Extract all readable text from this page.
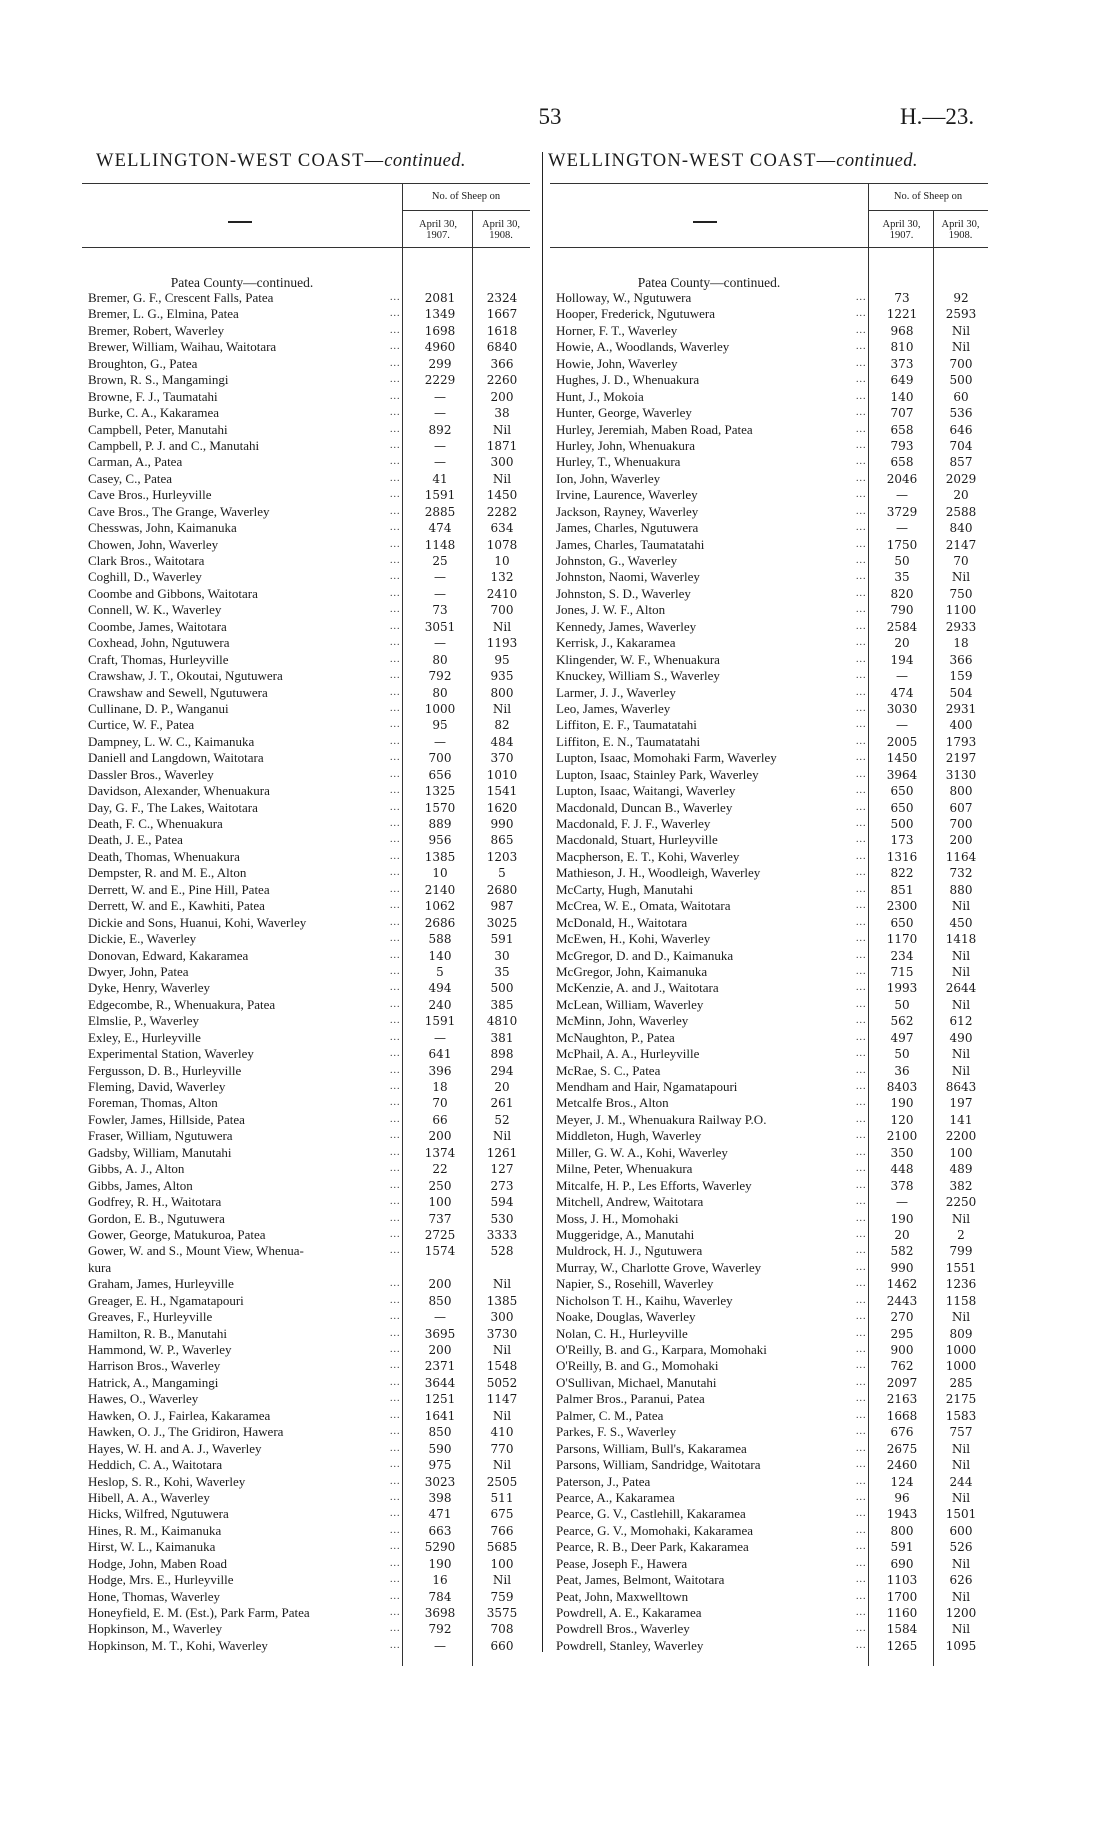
53	H.—23.
WELLINGTON-WEST COAST—continued.	WELLINGTON-WEST COAST—continued.
No. of Sheep on
April 30,
1907.
April 30,
1908.
Patea County—continued.
Bremer, G. F., Crescent Falls, Patea	...	2081	2324
Bremer, L. G., Elmina, Patea	...	1349	1667
Bremer, Robert, Waverley	...	1698	1618
Brewer, William, Waihau, Waitotara	...	4960	6840
Broughton, G., Patea	...	299	366
Brown, R. S., Mangamingi	...	2229	2260
Browne, F. J., Taumatahi	...	—	200
Burke, C. A., Kakaramea	...	—	38
Campbell, Peter, Manutahi	...	892	Nil
Campbell, P. J. and C., Manutahi	...	—	1871
Carman, A., Patea	...	—	300
Casey, C., Patea	...	41	Nil
Cave Bros., Hurleyville	...	1591	1450
Cave Bros., The Grange, Waverley	...	2885	2282
Chesswas, John, Kaimanuka	...	474	634
Chowen, John, Waverley	...	1148	1078
Clark Bros., Waitotara	...	25	10
Coghill, D., Waverley	...	—	132
Coombe and Gibbons, Waitotara	...	—	2410
Connell, W. K., Waverley	...	73	700
Coombe, James, Waitotara	...	3051	Nil
Coxhead, John, Ngutuwera	...	—	1193
Craft, Thomas, Hurleyville	...	80	95
Crawshaw, J. T., Okoutai, Ngutuwera	...	792	935
Crawshaw and Sewell, Ngutuwera	...	80	800
Cullinane, D. P., Wanganui	...	1000	Nil
Curtice, W. F., Patea	...	95	82
Dampney, L. W. C., Kaimanuka	...	—	484
Daniell and Langdown, Waitotara	...	700	370
Dassler Bros., Waverley	...	656	1010
Davidson, Alexander, Whenuakura	...	1325	1541
Day, G. F., The Lakes, Waitotara	...	1570	1620
Death, F. C., Whenuakura	...	889	990
Death, J. E., Patea	...	956	865
Death, Thomas, Whenuakura	...	1385	1203
Dempster, R. and M. E., Alton	...	10	5
Derrett, W. and E., Pine Hill, Patea	...	2140	2680
Derrett, W. and E., Kawhiti, Patea	...	1062	987
Dickie and Sons, Huanui, Kohi, Waverley	...	2686	3025
Dickie, E., Waverley	...	588	591
Donovan, Edward, Kakaramea	...	140	30
Dwyer, John, Patea	...	5	35
Dyke, Henry, Waverley	...	494	500
Edgecombe, R., Whenuakura, Patea	...	240	385
Elmslie, P., Waverley	...	1591	4810
Exley, E., Hurleyville	...	—	381
Experimental Station, Waverley	...	641	898
Fergusson, D. B., Hurleyville	...	396	294
Fleming, David, Waverley	...	18	20
Foreman, Thomas, Alton	...	70	261
Fowler, James, Hillside, Patea	...	66	52
Fraser, William, Ngutuwera	...	200	Nil
Gadsby, William, Manutahi	...	1374	1261
Gibbs, A. J., Alton	...	22	127
Gibbs, James, Alton	...	250	273
Godfrey, R. H., Waitotara	...	100	594
Gordon, E. B., Ngutuwera	...	737	530
Gower, George, Matukuroa, Patea	...	2725	3333
Gower, W. and S., Mount View, Whenua-	...	1574	528
kura
Graham, James, Hurleyville	...	200	Nil
Greager, E. H., Ngamatapouri	...	850	1385
Greaves, F., Hurleyville	...	—	300
Hamilton, R. B., Manutahi	...	3695	3730
Hammond, W. P., Waverley	...	200	Nil
Harrison Bros., Waverley	...	2371	1548
Hatrick, A., Mangamingi	...	3644	5052
Hawes, O., Waverley	...	1251	1147
Hawken, O. J., Fairlea, Kakaramea	...	1641	Nil
Hawken, O. J., The Gridiron, Hawera	...	850	410
Hayes, W. H. and A. J., Waverley	...	590	770
Heddich, C. A., Waitotara	...	975	Nil
Heslop, S. R., Kohi, Waverley	...	3023	2505
Hibell, A. A., Waverley	...	398	511
Hicks, Wilfred, Ngutuwera	...	471	675
Hines, R. M., Kaimanuka	...	663	766
Hirst, W. L., Kaimanuka	...	5290	5685
Hodge, John, Maben Road	...	190	100
Hodge, Mrs. E., Hurleyville	...	16	Nil
Hone, Thomas, Waverley	...	784	759
Honeyfield, E. M. (Est.), Park Farm, Patea	...	3698	3575
Hopkinson, M., Waverley	...	792	708
Hopkinson, M. T., Kohi, Waverley	...	—	660
No. of Sheep on
April 30,
1907.
April 30,
1908.
Patea County—continued.
Holloway, W., Ngutuwera	...	73	92
Hooper, Frederick, Ngutuwera	...	1221	2593
Horner, F. T., Waverley	...	968	Nil
Howie, A., Woodlands, Waverley	...	810	Nil
Howie, John, Waverley	...	373	700
Hughes, J. D., Whenuakura	...	649	500
Hunt, J., Mokoia	...	140	60
Hunter, George, Waverley	...	707	536
Hurley, Jeremiah, Maben Road, Patea	...	658	646
Hurley, John, Whenuakura	...	793	704
Hurley, T., Whenuakura	...	658	857
Ion, John, Waverley	...	2046	2029
Irvine, Laurence, Waverley	...	—	20
Jackson, Rayney, Waverley	...	3729	2588
James, Charles, Ngutuwera	...	—	840
James, Charles, Taumatatahi	...	1750	2147
Johnston, G., Waverley	...	50	70
Johnston, Naomi, Waverley	...	35	Nil
Johnston, S. D., Waverley	...	820	750
Jones, J. W. F., Alton	...	790	1100
Kennedy, James, Waverley	...	2584	2933
Kerrisk, J., Kakaramea	...	20	18
Klingender, W. F., Whenuakura	...	194	366
Knuckey, William S., Waverley	...	—	159
Larmer, J. J., Waverley	...	474	504
Leo, James, Waverley	...	3030	2931
Liffiton, E. F., Taumatatahi	...	—	400
Liffiton, E. N., Taumatatahi	...	2005	1793
Lupton, Isaac, Momohaki Farm, Waverley	...	1450	2197
Lupton, Isaac, Stainley Park, Waverley	...	3964	3130
Lupton, Isaac, Waitangi, Waverley	...	650	800
Macdonald, Duncan B., Waverley	...	650	607
Macdonald, F. J. F., Waverley	...	500	700
Macdonald, Stuart, Hurleyville	...	173	200
Macpherson, E. T., Kohi, Waverley	...	1316	1164
Mathieson, J. H., Woodleigh, Waverley	...	822	732
McCarty, Hugh, Manutahi	...	851	880
McCrea, W. E., Omata, Waitotara	...	2300	Nil
McDonald, H., Waitotara	...	650	450
McEwen, H., Kohi, Waverley	...	1170	1418
McGregor, D. and D., Kaimanuka	...	234	Nil
McGregor, John, Kaimanuka	...	715	Nil
McKenzie, A. and J., Waitotara	...	1993	2644
McLean, William, Waverley	...	50	Nil
McMinn, John, Waverley	...	562	612
McNaughton, P., Patea	...	497	490
McPhail, A. A., Hurleyville	...	50	Nil
McRae, S. C., Patea	...	36	Nil
Mendham and Hair, Ngamatapouri	...	8403	8643
Metcalfe Bros., Alton	...	190	197
Meyer, J. M., Whenuakura Railway P.O.	...	120	141
Middleton, Hugh, Waverley	...	2100	2200
Miller, G. W. A., Kohi, Waverley	...	350	100
Milne, Peter, Whenuakura	...	448	489
Mitcalfe, H. P., Les Efforts, Waverley	...	378	382
Mitchell, Andrew, Waitotara	...	—	2250
Moss, J. H., Momohaki	...	190	Nil
Muggeridge, A., Manutahi	...	20	2
Muldrock, H. J., Ngutuwera	...	582	799
Murray, W., Charlotte Grove, Waverley	...	990	1551
Napier, S., Rosehill, Waverley	...	1462	1236
Nicholson T. H., Kaihu, Waverley	...	2443	1158
Noake, Douglas, Waverley	...	270	Nil
Nolan, C. H., Hurleyville	...	295	809
O'Reilly, B. and G., Karpara, Momohaki	...	900	1000
O'Reilly, B. and G., Momohaki	...	762	1000
O'Sullivan, Michael, Manutahi	...	2097	285
Palmer Bros., Paranui, Patea	...	2163	2175
Palmer, C. M., Patea	...	1668	1583
Parkes, F. S., Waverley	...	676	757
Parsons, William, Bull's, Kakaramea	...	2675	Nil
Parsons, William, Sandridge, Waitotara	...	2460	Nil
Paterson, J., Patea	...	124	244
Pearce, A., Kakaramea	...	96	Nil
Pearce, G. V., Castlehill, Kakaramea	...	1943	1501
Pearce, G. V., Momohaki, Kakaramea	...	800	600
Pearce, R. B., Deer Park, Kakaramea	...	591	526
Pease, Joseph F., Hawera	...	690	Nil
Peat, James, Belmont, Waitotara	...	1103	626
Peat, John, Maxwelltown	...	1700	Nil
Powdrell, A. E., Kakaramea	...	1160	1200
Powdrell Bros., Waverley	...	1584	Nil
Powdrell, Stanley, Waverley	...	1265	1095
